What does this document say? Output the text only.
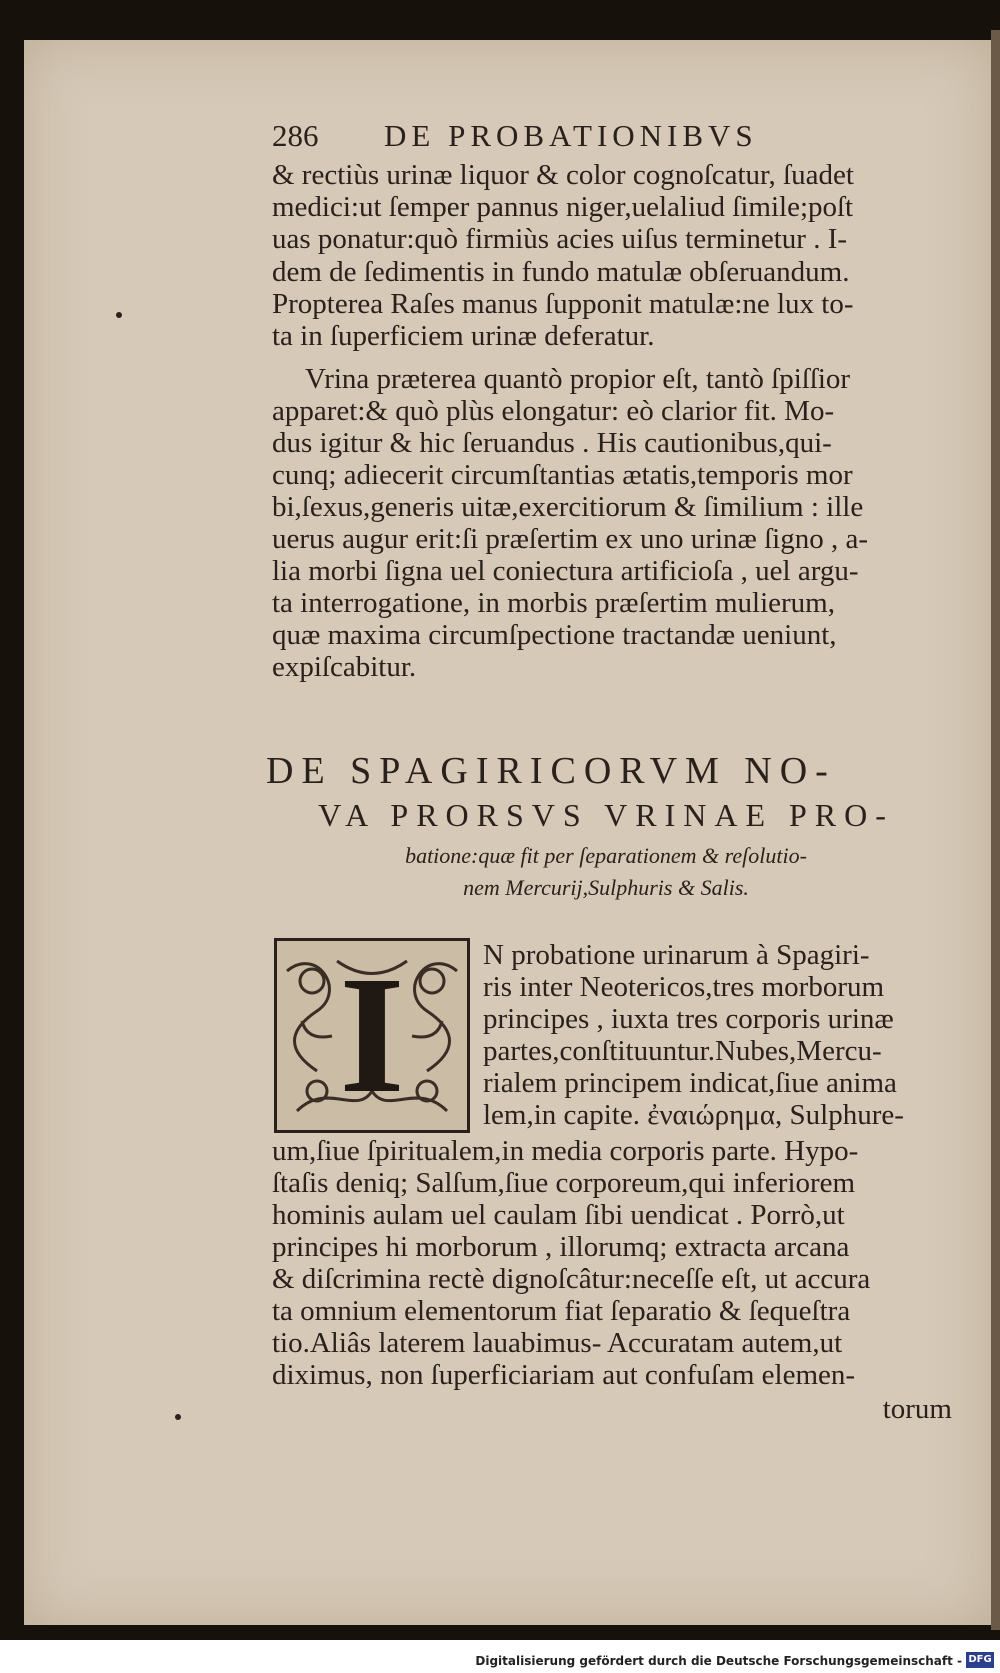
286 DE PROBATIONIBVS
& rectiùs urinæ liquor & color cognoſcatur, ſuadet
medici:ut ſemper pannus niger,uelaliud ſimile;poſt
uas ponatur:quò firmiùs acies uiſus terminetur . I-
dem de ſedimentis in fundo matulæ obſeruandum.
Propterea Raſes manus ſupponit matulæ:ne lux to-
ta in ſuperficiem urinæ deferatur.
Vrina præterea quantò propior eſt, tantò ſpiſſior
apparet:& quò plùs elongatur: eò clarior fit. Mo-
dus igitur & hic ſeruandus . His cautionibus,qui-
cunq; adiecerit circumſtantias ætatis,temporis mor
bi,ſexus,generis uitæ,exercitiorum & ſimilium : ille
uerus augur erit:ſi præſertim ex uno urinæ ſigno , a-
lia morbi ſigna uel coniectura artificioſa , uel argu-
ta interrogatione, in morbis præſertim mulierum,
quæ maxima circumſpectione tractandæ ueniunt,
expiſcabitur.
DE SPAGIRICORVM NO-
VA PRORSVS VRINAE PRO-
batione:quæ fit per ſeparationem & reſolutio-
nem Mercurij,Sulphuris & Salis.
I	N probatione urinarum à Spagiri-
ris inter Neotericos,tres morborum
principes , iuxta tres corporis urinæ
partes,conſtituuntur.Nubes,Mercu-
rialem principem indicat,ſiue anima
lem,in capite. ἐναιώρημα, Sulphure-
um,ſiue ſpiritualem,in media corporis parte. Hypo-
ſtaſis deniq; Salſum,ſiue corporeum,qui inferiorem
hominis aulam uel caulam ſibi uendicat . Porrò,ut
principes hi morborum , illorumq; extracta arcana
& diſcrimina rectè dignoſcâtur:neceſſe eſt, ut accura
ta omnium elementorum fiat ſeparatio & ſequeſtra
tio.Aliâs laterem lauabimus- Accuratam autem,ut
diximus, non ſuperficiariam aut confuſam elemen-
torum
Digitalisierung gefördert durch die Deutsche Forschungsgemeinschaft - DFG
